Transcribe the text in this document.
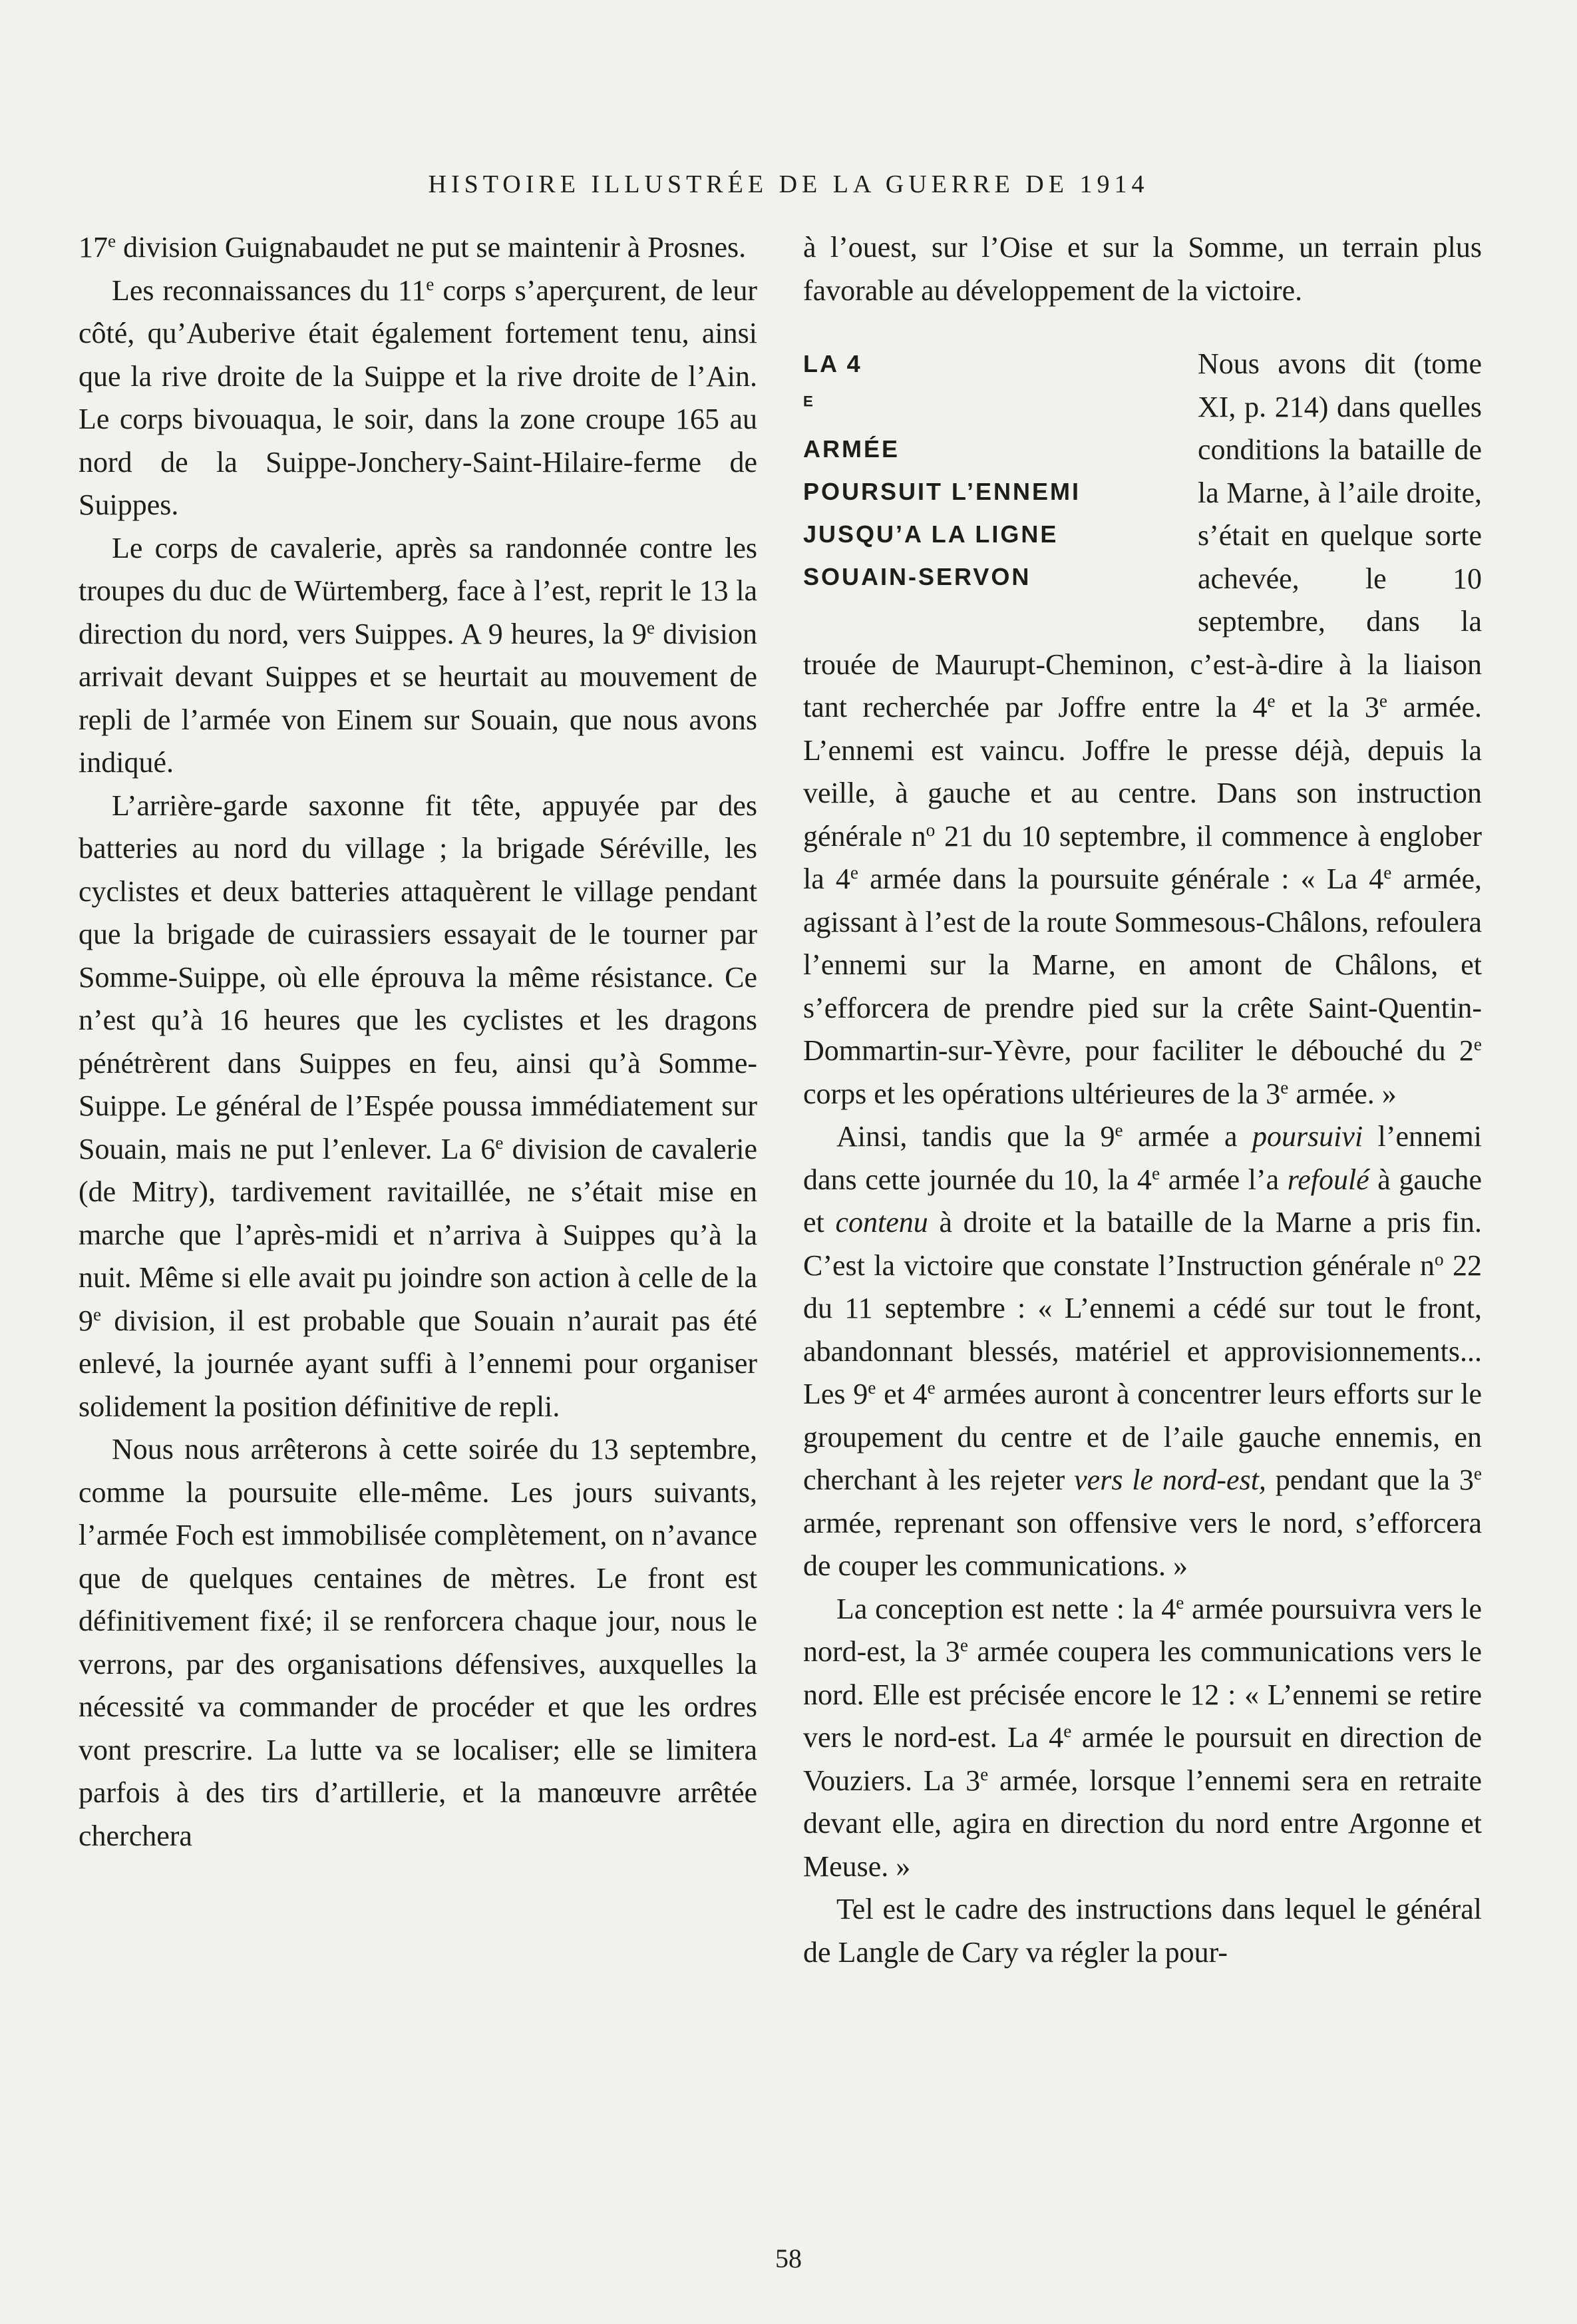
HISTOIRE ILLUSTRÉE DE LA GUERRE DE 1914

17e division Guignabaudet ne put se maintenir à Prosnes.

Les reconnaissances du 11e corps s’aperçurent, de leur côté, qu’Auberive était également fortement tenu, ainsi que la rive droite de la Suippe et la rive droite de l’Ain. Le corps bivouaqua, le soir, dans la zone croupe 165 au nord de la Suippe-Jonchery-Saint-Hilaire-ferme de Suippes.

Le corps de cavalerie, après sa randonnée contre les troupes du duc de Würtemberg, face à l’est, reprit le 13 la direction du nord, vers Suippes. A 9 heures, la 9e division arrivait devant Suippes et se heurtait au mouvement de repli de l’armée von Einem sur Souain, que nous avons indiqué.

L’arrière-garde saxonne fit tête, appuyée par des batteries au nord du village ; la brigade Séréville, les cyclistes et deux batteries attaquèrent le village pendant que la brigade de cuirassiers essayait de le tourner par Somme-Suippe, où elle éprouva la même résistance. Ce n’est qu’à 16 heures que les cyclistes et les dragons pénétrèrent dans Suippes en feu, ainsi qu’à Somme-Suippe. Le général de l’Espée poussa immédiatement sur Souain, mais ne put l’enlever. La 6e division de cavalerie (de Mitry), tardivement ravitaillée, ne s’était mise en marche que l’après-midi et n’arriva à Suippes qu’à la nuit. Même si elle avait pu joindre son action à celle de la 9e division, il est probable que Souain n’aurait pas été enlevé, la journée ayant suffi à l’ennemi pour organiser solidement la position définitive de repli.

Nous nous arrêterons à cette soirée du 13 septembre, comme la poursuite elle-même. Les jours suivants, l’armée Foch est immobilisée complètement, on n’avance que de quelques centaines de mètres. Le front est définitivement fixé; il se renforcera chaque jour, nous le verrons, par des organisations défensives, auxquelles la nécessité va commander de procéder et que les ordres vont prescrire. La lutte va se localiser; elle se limitera parfois à des tirs d’artillerie, et la manœuvre arrêtée cherchera

à l’ouest, sur l’Oise et sur la Somme, un terrain plus favorable au développement de la victoire.

LA 4
$^E$
ARMÉE
POURSUIT L’ENNEMI
JUSQU’A LA LIGNE
SOUAIN-SERVON

Nous avons dit (tome XI, p. 214) dans quelles conditions la bataille de la Marne, à l’aile droite, s’était en quelque sorte achevée, le 10 septembre, dans la trouée de Maurupt-Cheminon, c’est-à-dire à la liaison tant recherchée par Joffre entre la 4e et la 3e armée. L’ennemi est vaincu. Joffre le presse déjà, depuis la veille, à gauche et au centre. Dans son instruction générale $n^o$ 21 du 10 septembre, il commence à englober la 4e armée dans la poursuite générale : « La 4e armée, agissant à l’est de la route Sommesous-Châlons, refoulera l’ennemi sur la Marne, en amont de Châlons, et s’efforcera de prendre pied sur la crête Saint-Quentin-Dommartin-sur-Yèvre, pour faciliter le débouché du 2e corps et les opérations ultérieures de la 3e armée. »

Ainsi, tandis que la 9e armée a poursuivi l’ennemi dans cette journée du 10, la 4e armée l’a refoulé à gauche et contenu à droite et la bataille de la Marne a pris fin. C’est la victoire que constate l’Instruction générale $n^o$ 22 du 11 septembre : « L’ennemi a cédé sur tout le front, abandonnant blessés, matériel et approvisionnements... Les 9e et 4e armées auront à concentrer leurs efforts sur le groupement du centre et de l’aile gauche ennemis, en cherchant à les rejeter vers le nord-est, pendant que la 3e armée, reprenant son offensive vers le nord, s’efforcera de couper les communications. »

La conception est nette : la 4e armée poursuivra vers le nord-est, la 3e armée coupera les communications vers le nord. Elle est précisée encore le 12 : « L’ennemi se retire vers le nord-est. La 4e armée le poursuit en direction de Vouziers. La 3e armée, lorsque l’ennemi sera en retraite devant elle, agira en direction du nord entre Argonne et Meuse. »

Tel est le cadre des instructions dans lequel le général de Langle de Cary va régler la pour-

58
